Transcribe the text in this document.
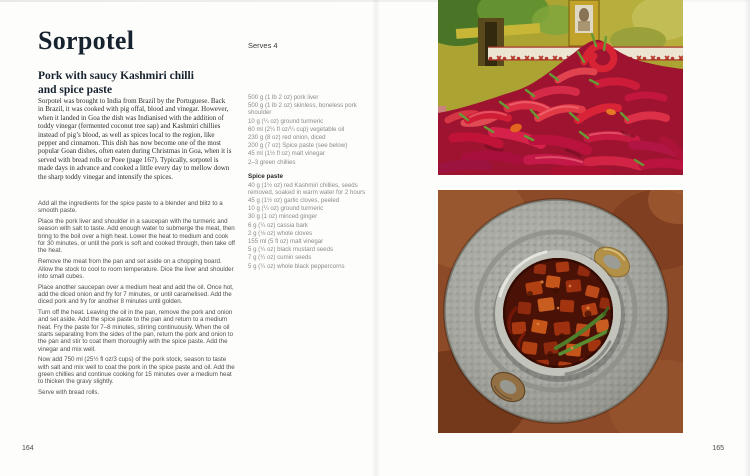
Sorpotel	Serves 4
Pork with saucy Kashmiri chilli
and spice paste

Sorpotel was brought to India from Brazil by the Portuguese. Back in Brazil, it was cooked with pig offal, blood and vinegar. However, when it landed in Goa the dish was Indianised with the addition of toddy vinegar (fermented coconut tree sap) and Kashmiri chillies instead of pig’s blood, as well as spices local to the region, like pepper and cinnamon. This dish has now become one of the most popular Goan dishes, often eaten during Christmas in Goa, when it is served with bread rolls or Poee (page 167). Typically, sorpotel is made days in advance and cooked a little every day to mellow down the sharp toddy vinegar and intensify the spices.

Add all the ingredients for the spice paste to a blender and blitz to a smooth paste.

Place the pork liver and shoulder in a saucepan with the turmeric and season with salt to taste. Add enough water to submerge the meat, then bring to the boil over a high heat. Lower the heat to medium and cook for 30 minutes, or until the pork is soft and cooked through, then take off the heat.

Remove the meat from the pan and set aside on a chopping board. Allow the stock to cool to room temperature. Dice the liver and shoulder into small cubes.

Place another saucepan over a medium heat and add the oil. Once hot, add the diced onion and fry for 7 minutes, or until caramelised. Add the diced pork and fry for another 8 minutes until golden.

Turn off the heat. Leaving the oil in the pan, remove the pork and onion and set aside. Add the spice paste to the pan and return to a medium heat. Fry the paste for 7–8 minutes, stirring continuously. When the oil starts separating from the sides of the pan, return the pork and onion to the pan and stir to coat them thoroughly with the spice paste. Add the vinegar and mix well.

Now add 750 ml (25½ fl oz/3 cups) of the pork stock, season to taste with salt and mix well to coat the pork in the spice paste and oil. Add the green chillies and continue cooking for 15 minutes over a medium heat to thicken the gravy slightly.

Serve with bread rolls.

500 g (1 lb 2 oz) pork liver
500 g (1 lb 2 oz) skinless, boneless pork shoulder
10 g (¼ oz) ground turmeric
60 ml (2¼ fl oz/¼ cup) vegetable oil
230 g (8 oz) red onion, diced
200 g (7 oz) Spice paste (see below)
45 ml (1½ fl oz) malt vinegar
2–3 green chillies
Spice paste
40 g (1½ oz) red Kashmiri chillies, seeds removed, soaked in warm water for 2 hours
45 g (1½ oz) garlic cloves, peeled
10 g (¼ oz) ground turmeric
30 g (1 oz) minced ginger
6 g (¼ oz) cassia bark
2 g (⅛ oz) whole cloves
155 ml (5 fl oz) malt vinegar
5 g (¼ oz) black mustard seeds
7 g (¼ oz) cumin seeds
5 g (¼ oz) whole black peppercorns
164	165
